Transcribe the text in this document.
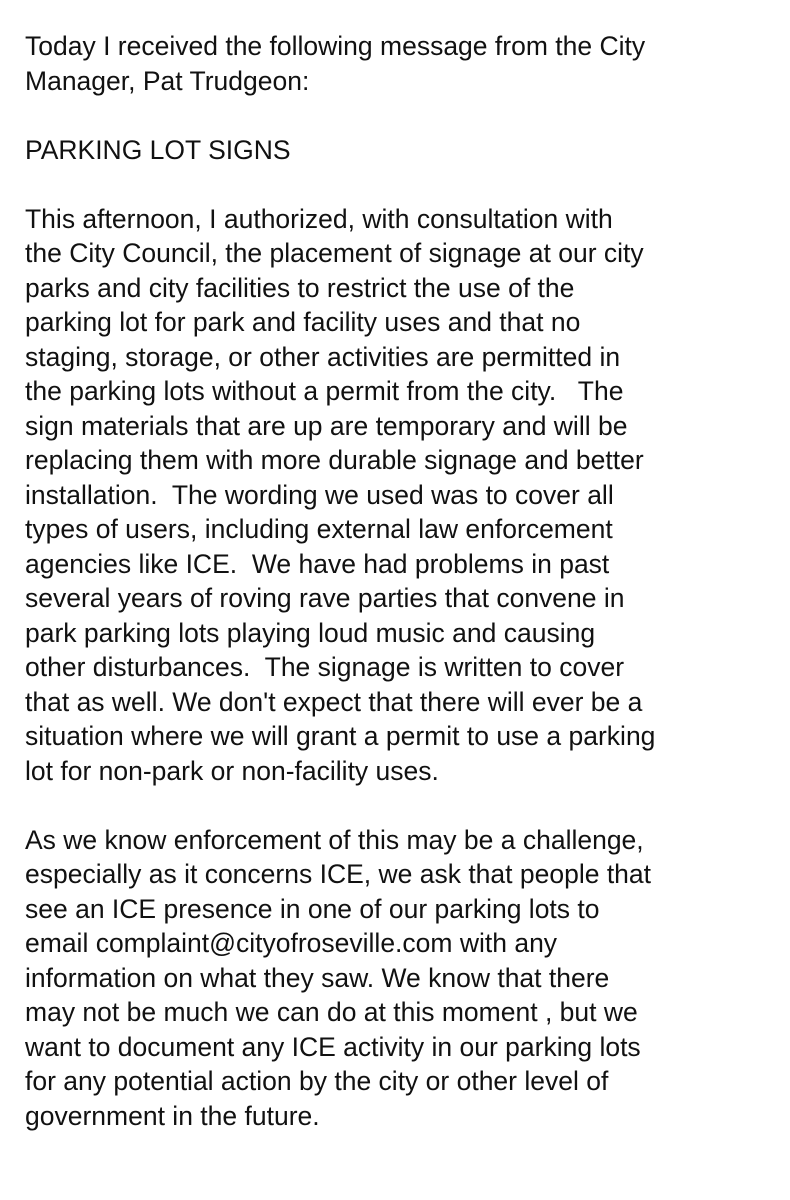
Today I received the following message from the City
Manager, Pat Trudgeon:
PARKING LOT SIGNS
This afternoon, I authorized, with consultation with
the City Council, the placement of signage at our city
parks and city facilities to restrict the use of the
parking lot for park and facility uses and that no
staging, storage, or other activities are permitted in
the parking lots without a permit from the city.   The
sign materials that are up are temporary and will be
replacing them with more durable signage and better
installation.  The wording we used was to cover all
types of users, including external law enforcement
agencies like ICE.  We have had problems in past
several years of roving rave parties that convene in
park parking lots playing loud music and causing
other disturbances.  The signage is written to cover
that as well. We don't expect that there will ever be a
situation where we will grant a permit to use a parking
lot for non-park or non-facility uses.
As we know enforcement of this may be a challenge,
especially as it concerns ICE, we ask that people that
see an ICE presence in one of our parking lots to
email complaint@cityofroseville.com with any
information on what they saw. We know that there
may not be much we can do at this moment , but we
want to document any ICE activity in our parking lots
for any potential action by the city or other level of
government in the future.
